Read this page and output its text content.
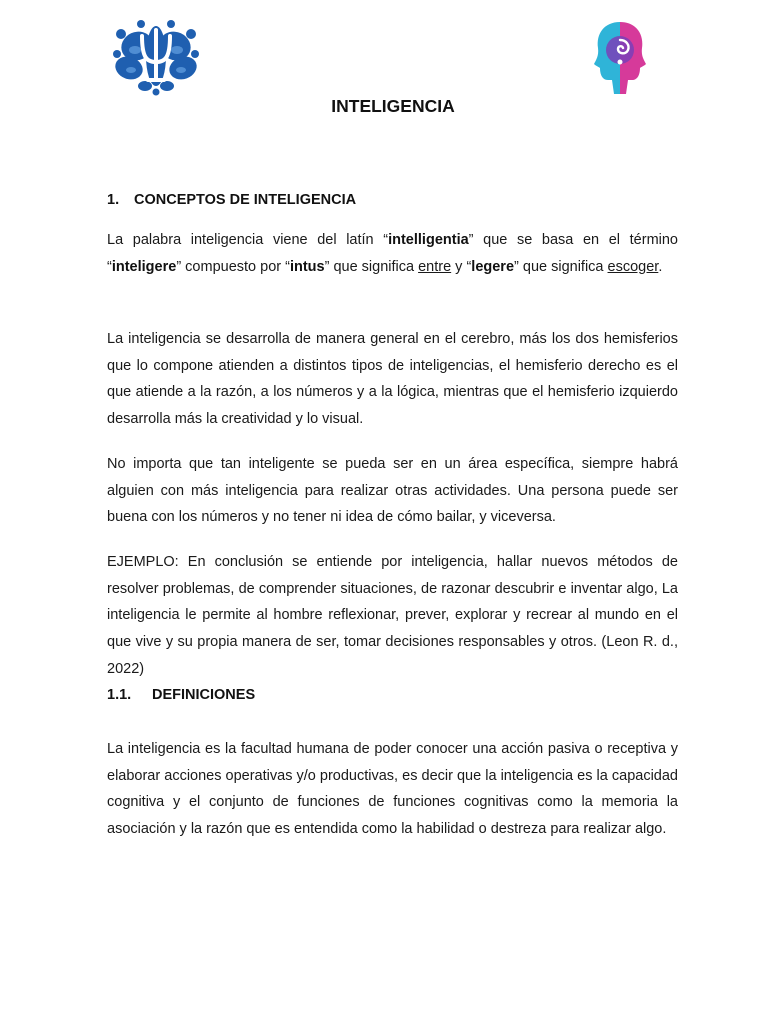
INTELIGENCIA
1. CONCEPTOS DE INTELIGENCIA

La palabra inteligencia viene del latín “intelligentia” que se basa en el término “inteligere” compuesto por “intus” que significa entre y “legere” que significa escoger.

La inteligencia se desarrolla de manera general en el cerebro, más los dos hemisferios que lo compone atienden a distintos tipos de inteligencias, el hemisferio derecho es el que atiende a la razón, a los números y a la lógica, mientras que el hemisferio izquierdo desarrolla más la creatividad y lo visual.

No importa que tan inteligente se pueda ser en un área específica, siempre habrá alguien con más inteligencia para realizar otras actividades. Una persona puede ser buena con los números y no tener ni idea de cómo bailar, y viceversa.

EJEMPLO: En conclusión se entiende por inteligencia, hallar nuevos métodos de resolver problemas, de comprender situaciones, de razonar descubrir e inventar algo, La inteligencia le permite al hombre reflexionar, prever, explorar y recrear al mundo en el que vive y su propia manera de ser, tomar decisiones responsables y otros. (Leon R. d., 2022)

1.1. DEFINICIONES

La inteligencia es la facultad humana de poder conocer una acción pasiva o receptiva y elaborar acciones operativas y/o productivas, es decir que la inteligencia es la capacidad cognitiva y el conjunto de funciones de funciones cognitivas como la memoria la asociación y la razón que es entendida como la habilidad o destreza para realizar algo.
